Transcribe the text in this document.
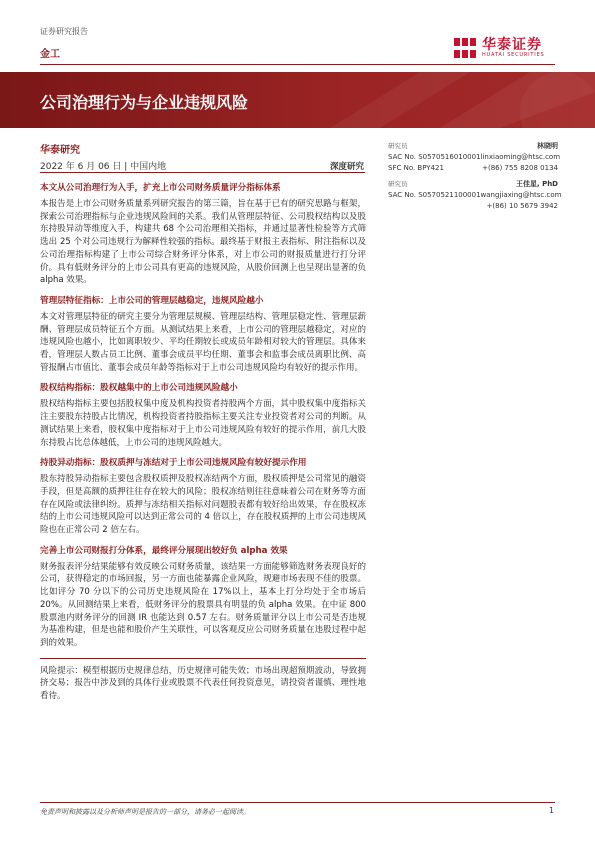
证券研究报告
金工
华泰证券
HUATAI SECURITIES
公司治理行为与企业违规风险
华泰研究
2022 年 6 月 06 日 | 中国内地	深度研究

本文从公司治理行为入手，扩充上市公司财务质量评分指标体系

本报告是上市公司财务质量系列研究报告的第三篇，旨在基于已有的研究思路与框架，探索公司治理指标与企业违规风险间的关系。我们从管理层特征、公司股权结构以及股东持股异动等维度入手，构建共 68 个公司治理相关指标，并通过显著性检验等方式筛选出 25 个对公司违规行为解释性较强的指标。最终基于财报主表指标、附注指标以及公司治理指标构建了上市公司综合财务评分体系，对上市公司的财报质量进行打分评价。具有低财务评分的上市公司具有更高的违规风险，从股价回测上也呈现出显著的负 alpha 效果。

管理层特征指标：上市公司的管理层越稳定，违规风险越小

本文对管理层特征的研究主要分为管理层规模、管理层结构、管理层稳定性、管理层薪酬、管理层成员特征五个方面。从测试结果上来看，上市公司的管理层越稳定，对应的违规风险也越小，比如离职较少、平均任期较长或成员年龄相对较大的管理层。具体来看，管理层人数占员工比例、董事会成员平均任期、董事会和监事会成员离职比例、高管报酬占市值比、董事会成员年龄等指标对于上市公司违规风险均有较好的提示作用。

股权结构指标：股权越集中的上市公司违规风险越小

股权结构指标主要包括股权集中度及机构投资者持股两个方面，其中股权集中度指标关注主要股东持股占比情况，机构投资者持股指标主要关注专业投资者对公司的判断。从测试结果上来看，股权集中度指标对于上市公司违规风险有较好的提示作用，前几大股东持股占比总体越低，上市公司的违规风险越大。

持股异动指标：股权质押与冻结对于上市公司违规风险有较好提示作用

股东持股异动指标主要包含股权质押及股权冻结两个方面，股权质押是公司常见的融资手段，但是高额的质押往往存在较大的风险；股权冻结则往往意味着公司在财务等方面存在风险或法律纠纷。质押与冻结相关指标对问题股表都有较好给出效果，存在股权冻结的上市公司违规风险可以达到正常公司的 4 倍以上，存在股权质押的上市公司违规风险也在正常公司 2 倍左右。

完善上市公司财报打分体系，最终评分展现出较好负 alpha 效果

财务报表评分结果能够有效反映公司财务质量，该结果一方面能够筛选财务表现良好的公司，获得稳定的市场回报，另一方面也能暴露企业风险，规避市场表现不佳的股票。比如评分 70 分以下的公司历史违规风险在 17%以上，基本上打分均处于全市场后 20%。从回测结果上来看，低财务评分的股票具有明显的负 alpha 效果。在中证 800 股票池内财务评分的回测 IR 也能达到 0.57 左右。财务质量评分以上市公司是否违规为基准构建，但是也能和股价产生关联性，可以客观反应公司财务质量在违股过程中起到的效果。

风险提示：模型根据历史规律总结，历史规律可能失效；市场出现超预期波动，导致拥挤交易；报告中涉及到的具体行业或股票不代表任何投资意见，请投资者谨慎、理性地看待。

研究员	林晓明
SAC No. S0570516010001 linxiaoming@htsc.com
SFC No. BPY421	+(86) 755 8208 0134
研究员	王佳星, PhD
SAC No. S0570521100001 wangjiaxing@htsc.com
+(86) 10 5679 3942
免责声明和披露以及分析师声明是报告的一部分，请务必一起阅读。	1
